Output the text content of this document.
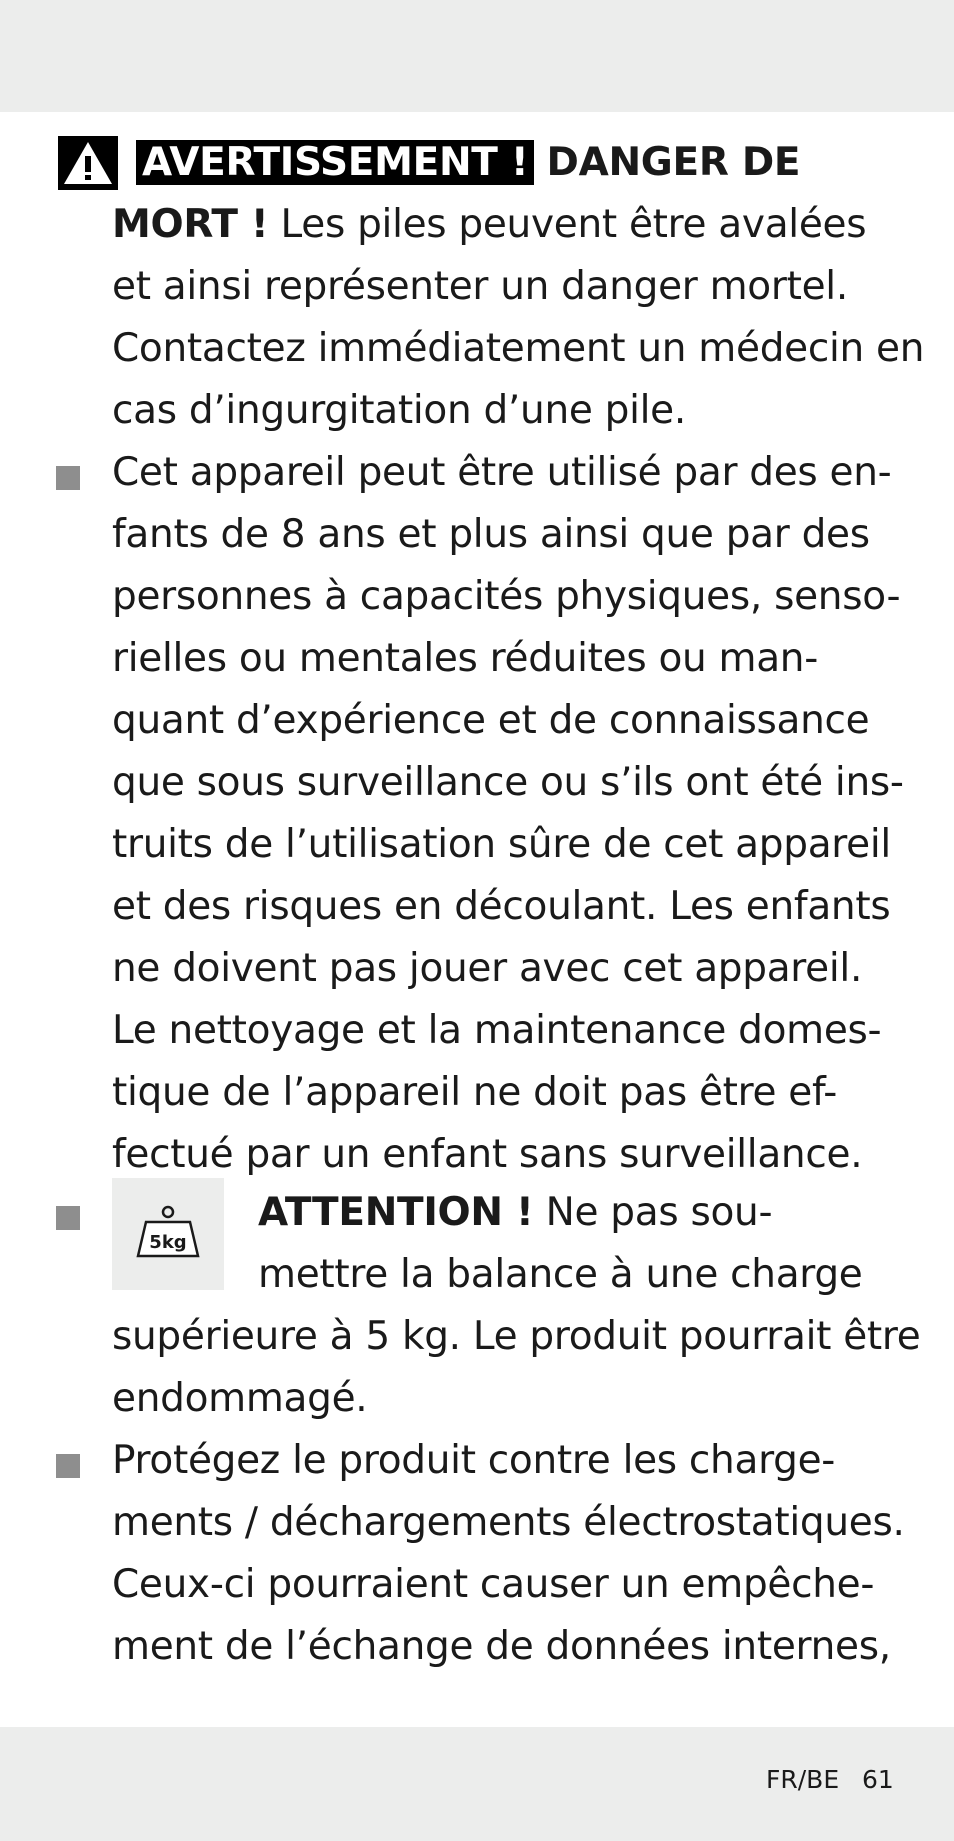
AVERTISSEMENT ! DANGER DE
MORT ! Les piles peuvent être avalées
et ainsi représenter un danger mortel.
Contactez immédiatement un médecin en
cas d’ingurgitation d’une pile.
Cet appareil peut être utilisé par des en-
fants de 8 ans et plus ainsi que par des
personnes à capacités physiques, senso-
rielles ou mentales réduites ou man-
quant d’expérience et de connaissance
que sous surveillance ou s’ils ont été ins-
truits de l’utilisation sûre de cet appareil
et des risques en découlant. Les enfants
ne doivent pas jouer avec cet appareil.
Le nettoyage et la maintenance domes-
tique de l’appareil ne doit pas être ef-
fectué par un enfant sans surveillance.
5kg
ATTENTION ! Ne pas sou-
mettre la balance à une charge
supérieure à 5 kg. Le produit pourrait être
endommagé.
Protégez le produit contre les charge-
ments / déchargements électrostatiques.
Ceux-ci pourraient causer un empêche-
ment de l’échange de données internes,
FR/BE 61
